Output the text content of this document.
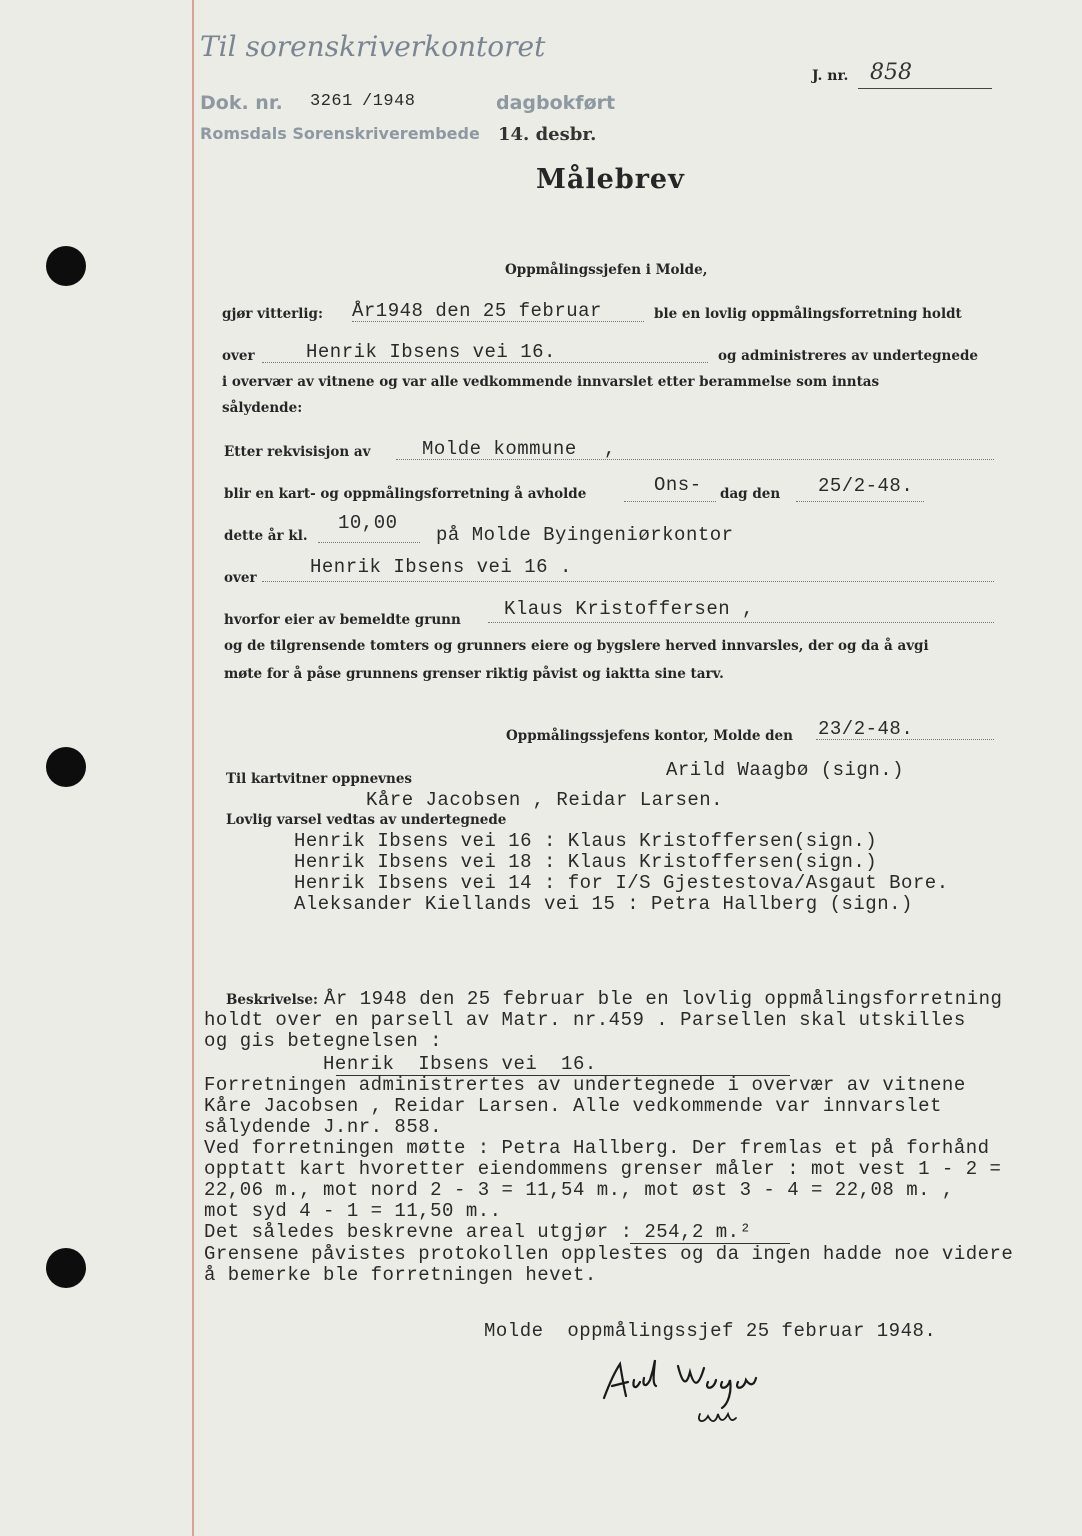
Til sorenskriverkontoret
Dok. nr. 3261 /1948	dagbokført
Romsdals Sorenskriverembede 14. desbr.
J. nr. 858
Målebrev
Oppmålingssjefen i Molde,
gjør vitterlig: År1948 den 25 februar	ble en lovlig oppmålingsforretning holdt
over	Henrik Ibsens vei 16.	og administreres av undertegnede
i overvær av vitnene og var alle vedkommende innvarslet etter berammelse som inntas
sålydende:
Etter rekvisisjon av	Molde kommune ,
blir en kart- og oppmålingsforretning å avholde	Ons- dag den 25/2-48.
dette år kl.
10,00
på Molde Byingeniørkontor
over	Henrik Ibsens vei 16 .
hvorfor eier av bemeldte grunn Klaus Kristoffersen ,
og de tilgrensende tomters og grunners eiere og bygslere herved innvarsles, der og da å avgi
møte for å påse grunnens grenser riktig påvist og iaktta sine tarv.
Oppmålingssjefens kontor, Molde den 23/2-48.
Arild Waagbø (sign.)
Til kartvitner oppnevnes
Kåre Jacobsen , Reidar Larsen.
Lovlig varsel vedtas av undertegnede
Henrik Ibsens vei 16 : Klaus Kristoffersen(sign.)
Henrik Ibsens vei 18 : Klaus Kristoffersen(sign.)
Henrik Ibsens vei 14 : for I/S Gjestestova/Asgaut Bore.
Aleksander Kiellands vei 15 : Petra Hallberg (sign.)
Beskrivelse: År 1948 den 25 februar ble en lovlig oppmålingsforretning
holdt over en parsell av Matr. nr.459 . Parsellen skal utskilles
og gis betegnelsen :
Henrik  Ibsens vei  16.
Forretningen administrertes av undertegnede i overvær av vitnene
Kåre Jacobsen , Reidar Larsen. Alle vedkommende var innvarslet
sålydende J.nr. 858.
Ved forretningen møtte : Petra Hallberg. Der fremlas et på forhånd
opptatt kart hvoretter eiendommens grenser måler : mot vest 1 - 2 =
22,06 m., mot nord 2 - 3 = 11,54 m., mot øst 3 - 4 = 22,08 m. ,
mot syd 4 - 1 = 11,50 m..
Det således beskrevne areal utgjør : 254,2 m.²
Grensene påvistes protokollen opplestes og da ingen hadde noe videre
å bemerke ble forretningen hevet.
Molde  oppmålingssjef 25 februar 1948.
